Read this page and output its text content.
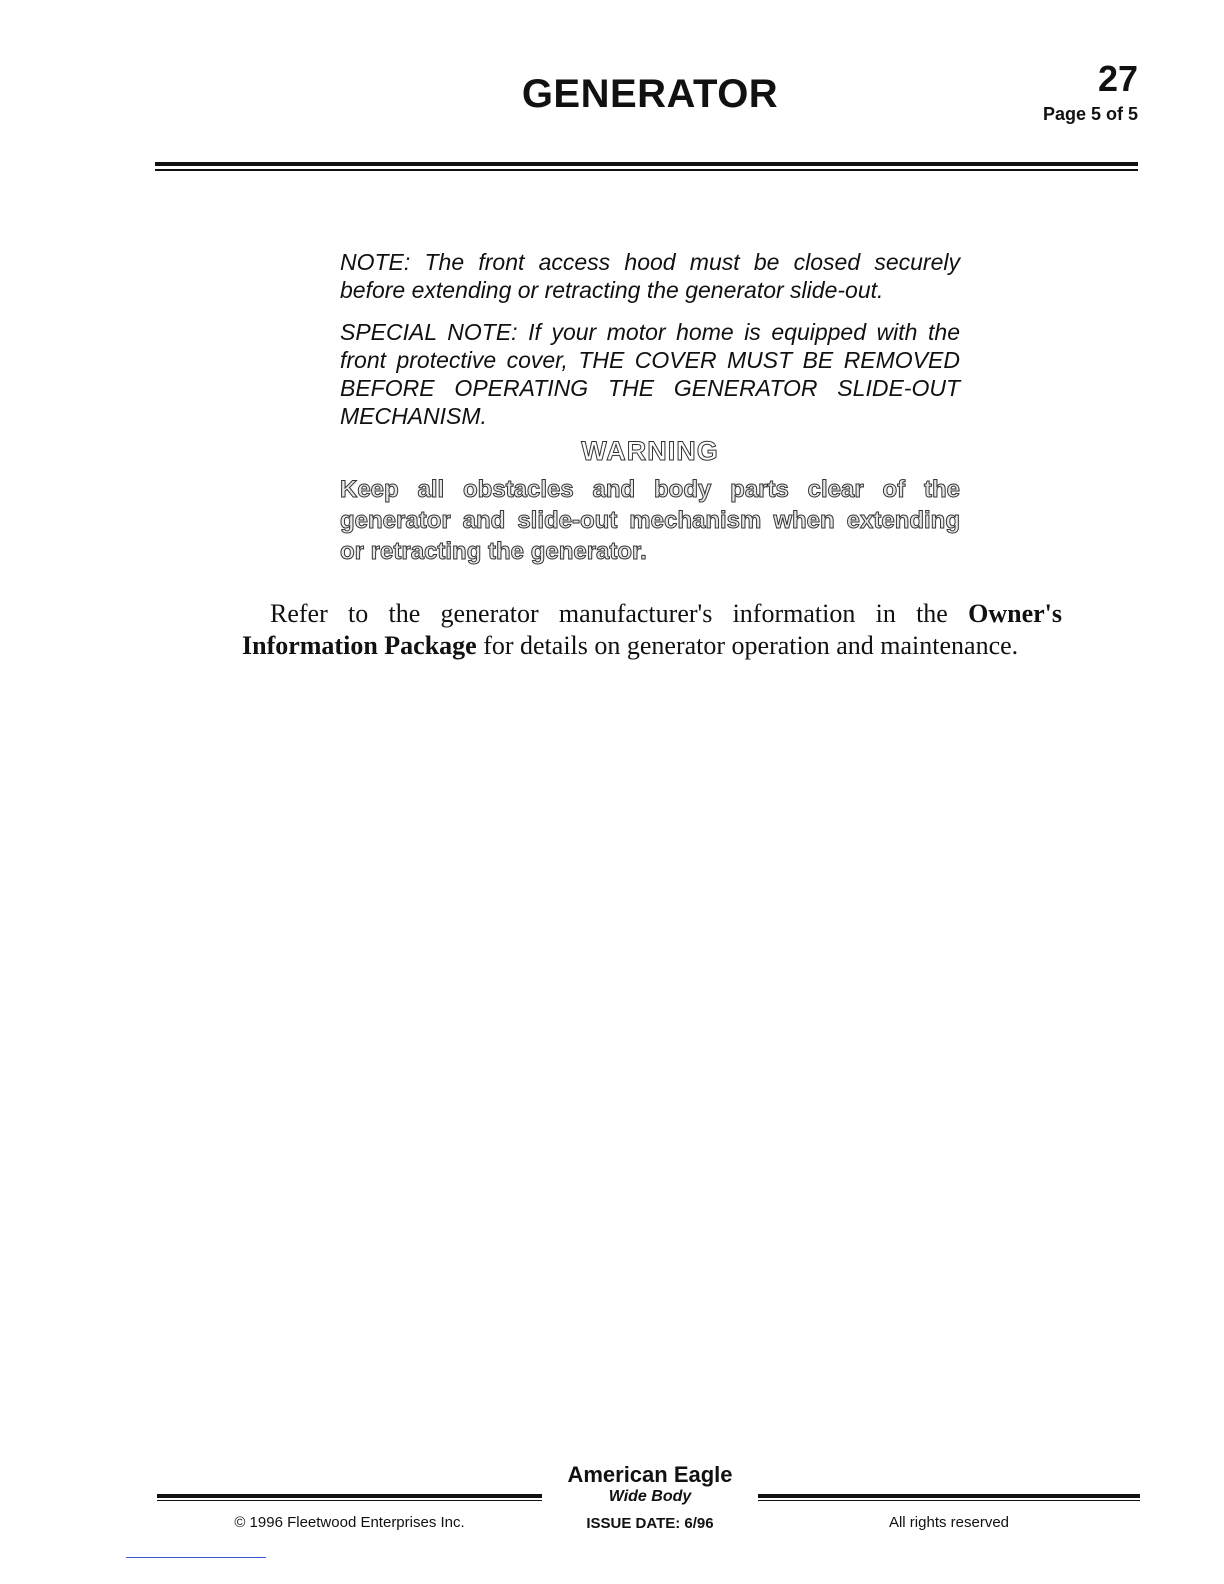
GENERATOR	27
Page 5 of 5

NOTE: The front access hood must be closed securely before extending or retracting the generator slide-out.

SPECIAL NOTE: If your motor home is equipped with the front protective cover, THE COVER MUST BE REMOVED BEFORE OPERATING THE GENERATOR SLIDE-OUT MECHANISM.

WARNING
Keep all obstacles and body parts clear of the generator and slide-out mechanism when extending or retracting the generator.
Refer to the generator manufacturer's information in the Owner's Information Package for details on generator operation and maintenance.
American Eagle
Wide Body
ISSUE DATE: 6/96
© 1996 Fleetwood Enterprises Inc.	All rights reserved
